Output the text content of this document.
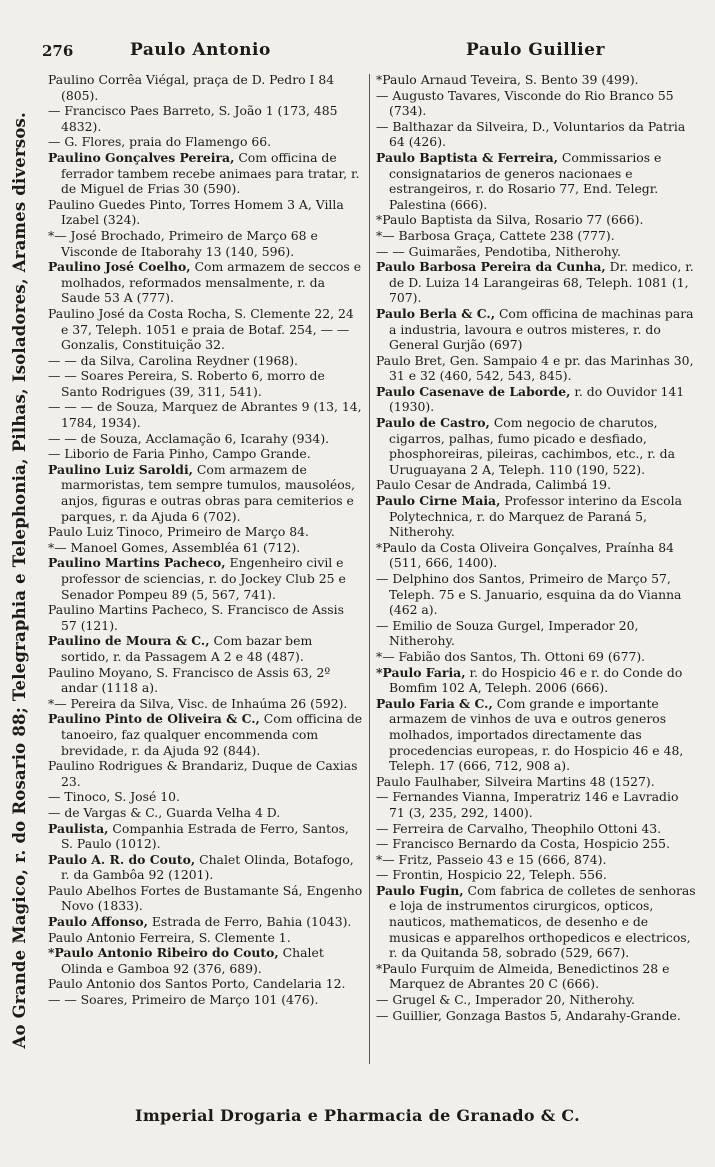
Ao Grande Magico, r. do Rosario 88; Telegraphia e Telephonia, Pilhas, Isoladores, Arames diversos.
276	Paulo Antonio	Paulo Guillier

Paulino Corrêa Viégal, praça de D. Pedro I 84 (805).

— Francisco Paes Barreto, S. João 1 (173, 485 4832).

— G. Flores, praia do Flamengo 66.

Paulino Gonçalves Pereira, Com officina de ferrador tambem recebe animaes para tratar, r. de Miguel de Frias 30 (590).

Paulino Guedes Pinto, Torres Homem 3 A, Villa Izabel (324).

*— José Brochado, Primeiro de Março 68 e Visconde de Itaborahy 13 (140, 596).

Paulino José Coelho, Com armazem de seccos e molhados, reformados mensalmente, r. da Saude 53 A (777).

Paulino José da Costa Rocha, S. Clemente 22, 24 e 37, Teleph. 1051 e praia de Botaf. 254, — — Gonzalis, Constituição 32.

— — da Silva, Carolina Reydner (1968).

— — Soares Pereira, S. Roberto 6, morro de Santo Rodrigues (39, 311, 541).

— — — de Souza, Marquez de Abrantes 9 (13, 14, 1784, 1934).

— — de Souza, Acclamação 6, Icarahy (934).

— Liborio de Faria Pinho, Campo Grande.

Paulino Luiz Saroldi, Com armazem de marmoristas, tem sempre tumulos, mausoléos, anjos, figuras e outras obras para cemiterios e parques, r. da Ajuda 6 (702).

Paulo Luiz Tinoco, Primeiro de Março 84.

*— Manoel Gomes, Assembléa 61 (712).

Paulino Martins Pacheco, Engenheiro civil e professor de sciencias, r. do Jockey Club 25 e Senador Pompeu 89 (5, 567, 741).

Paulino Martins Pacheco, S. Francisco de Assis 57 (121).

Paulino de Moura & C., Com bazar bem sortido, r. da Passagem A 2 e 48 (487).

Paulino Moyano, S. Francisco de Assis 63, 2º andar (1118 a).

*— Pereira da Silva, Visc. de Inhaúma 26 (592).

Paulino Pinto de Oliveira & C., Com officina de tanoeiro, faz qualquer encommenda com brevidade, r. da Ajuda 92 (844).

Paulino Rodrigues & Brandariz, Duque de Caxias 23.

— Tinoco, S. José 10.

— de Vargas & C., Guarda Velha 4 D.

Paulista, Companhia Estrada de Ferro, Santos, S. Paulo (1012).

Paulo A. R. do Couto, Chalet Olinda, Botafogo, r. da Gambôa 92 (1201).

Paulo Abelhos Fortes de Bustamante Sá, Engenho Novo (1833).

Paulo Affonso, Estrada de Ferro, Bahia (1043).

Paulo Antonio Ferreira, S. Clemente 1.

*Paulo Antonio Ribeiro do Couto, Chalet Olinda e Gamboa 92 (376, 689).

Paulo Antonio dos Santos Porto, Candelaria 12.

— — Soares, Primeiro de Março 101 (476).

*Paulo Arnaud Teveira, S. Bento 39 (499).

— Augusto Tavares, Visconde do Rio Branco 55 (734).

— Balthazar da Silveira, D., Voluntarios da Patria 64 (426).

Paulo Baptista & Ferreira, Commissarios e consignatarios de generos nacionaes e estrangeiros, r. do Rosario 77, End. Telegr. Palestina (666).

*Paulo Baptista da Silva, Rosario 77 (666).

*— Barbosa Graça, Cattete 238 (777).

— — Guimarães, Pendotiba, Nitherohy.

Paulo Barbosa Pereira da Cunha, Dr. medico, r. de D. Luiza 14 Larangeiras 68, Teleph. 1081 (1, 707).

Paulo Berla & C., Com officina de machinas para a industria, lavoura e outros misteres, r. do General Gurjão (697)

Paulo Bret, Gen. Sampaio 4 e pr. das Marinhas 30, 31 e 32 (460, 542, 543, 845).

Paulo Casenave de Laborde, r. do Ouvidor 141 (1930).

Paulo de Castro, Com negocio de charutos, cigarros, palhas, fumo picado e desfiado, phosphoreiras, pileiras, cachimbos, etc., r. da Uruguayana 2 A, Teleph. 110 (190, 522).

Paulo Cesar de Andrada, Calimbá 19.

Paulo Cirne Maia, Professor interino da Escola Polytechnica, r. do Marquez de Paraná 5, Nitherohy.

*Paulo da Costa Oliveira Gonçalves, Praínha 84 (511, 666, 1400).

— Delphino dos Santos, Primeiro de Março 57, Teleph. 75 e S. Januario, esquina da do Vianna (462 a).

— Emilio de Souza Gurgel, Imperador 20, Nitherohy.

*— Fabião dos Santos, Th. Ottoni 69 (677).

*Paulo Faria, r. do Hospicio 46 e r. do Conde do Bomfim 102 A, Teleph. 2006 (666).

Paulo Faria & C., Com grande e importante armazem de vinhos de uva e outros generos molhados, importados directamente das procedencias europeas, r. do Hospicio 46 e 48, Teleph. 17 (666, 712, 908 a).

Paulo Faulhaber, Silveira Martins 48 (1527).

— Fernandes Vianna, Imperatriz 146 e Lavradio 71 (3, 235, 292, 1400).

— Ferreira de Carvalho, Theophilo Ottoni 43.

— Francisco Bernardo da Costa, Hospicio 255.

*— Fritz, Passeio 43 e 15 (666, 874).

— Frontin, Hospicio 22, Teleph. 556.

Paulo Fugin, Com fabrica de colletes de senhoras e loja de instrumentos cirurgicos, opticos, nauticos, mathematicos, de desenho e de musicas e apparelhos orthopedicos e electricos, r. da Quitanda 58, sobrado (529, 667).

*Paulo Furquim de Almeida, Benedictinos 28 e Marquez de Abrantes 20 C (666).

— Grugel & C., Imperador 20, Nitherohy.

— Guillier, Gonzaga Bastos 5, Andarahy-Grande.

Imperial Drogaria e Pharmacia de Granado & C.
